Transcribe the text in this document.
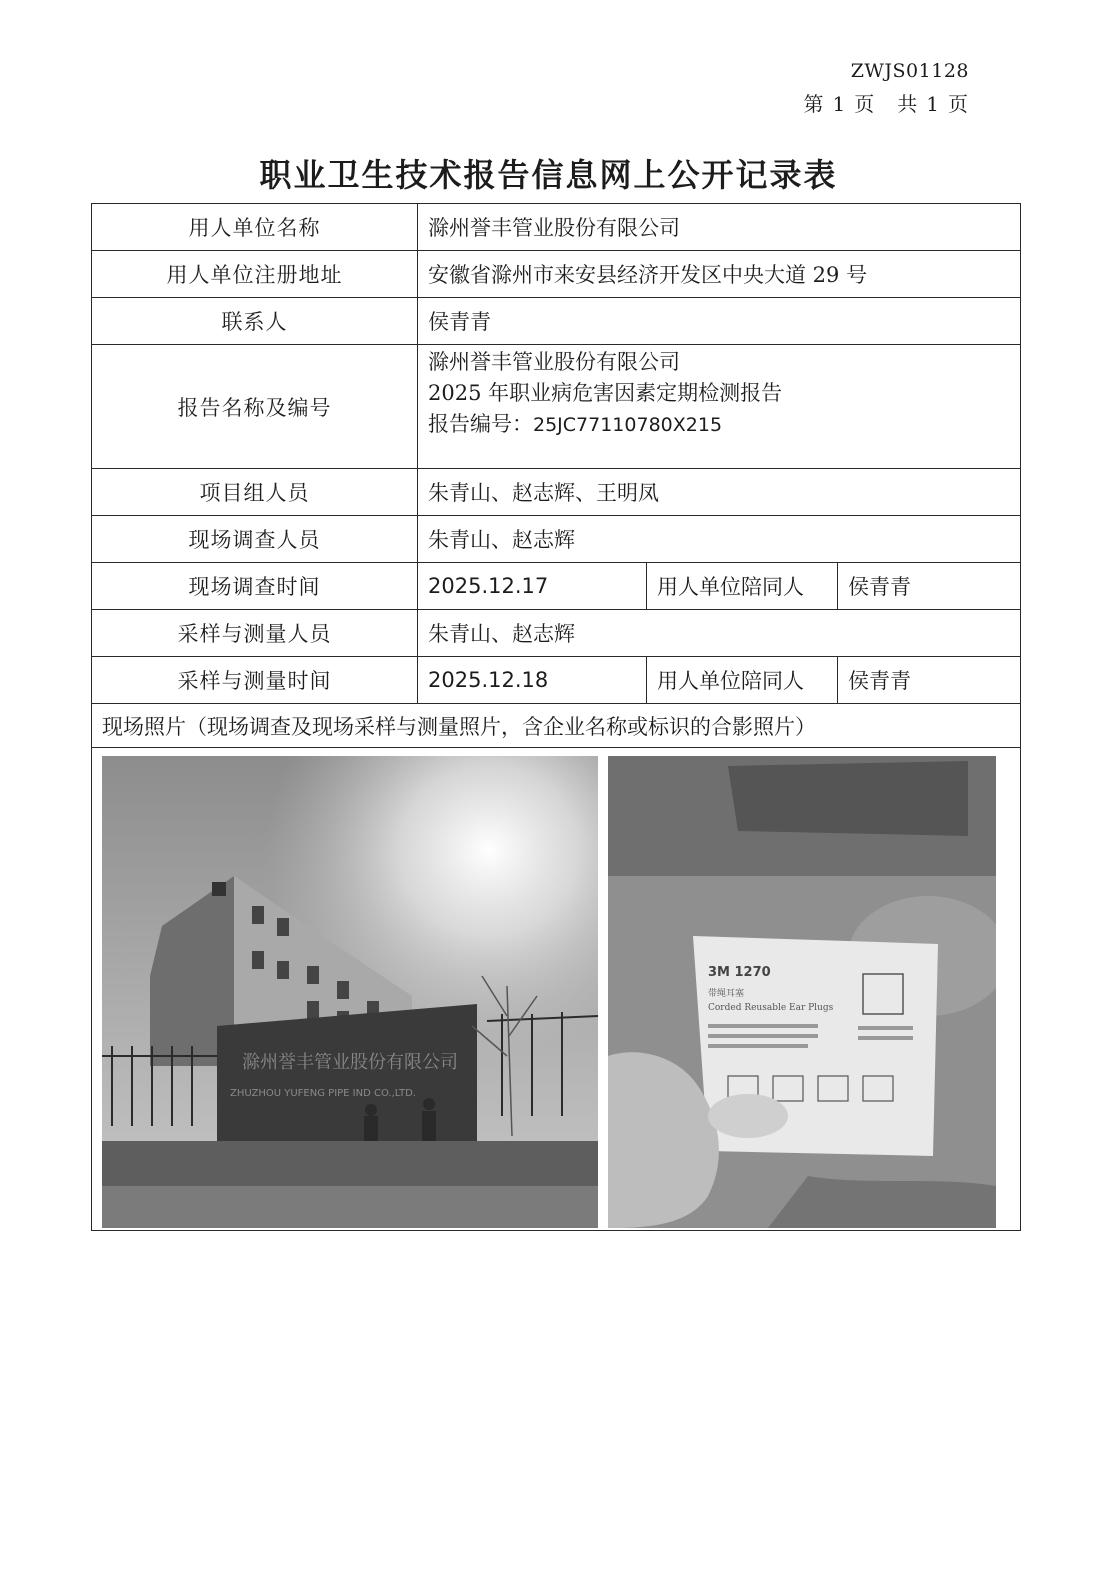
ZWJS01128
第 1 页 共 1 页
职业卫生技术报告信息网上公开记录表
用人单位名称	滁州誉丰管业股份有限公司		
用人单位注册地址	安徽省滁州市来安县经济开发区中央大道 29 号		
联系人	侯青青		
报告名称及编号	滁州誉丰管业股份有限公司
2025 年职业病危害因素定期检测报告
报告编号：25JC77110780X215		

项目组人员	朱青山、赵志辉、王明凤		
现场调查人员	朱青山、赵志辉		
现场调查时间	2025.12.17	用人单位陪同人	侯青青
采样与测量人员	朱青山、赵志辉		
采样与测量时间	2025.12.18	用人单位陪同人	侯青青
现场照片（现场调查及现场采样与测量照片，含企业名称或标识的合影照片）			

滁州誉丰管业股份有限公司
ZHUZHOU YUFENG PIPE IND CO.,LTD.
3M 1270
带绳耳塞
Corded Reusable Ear Plugs			
